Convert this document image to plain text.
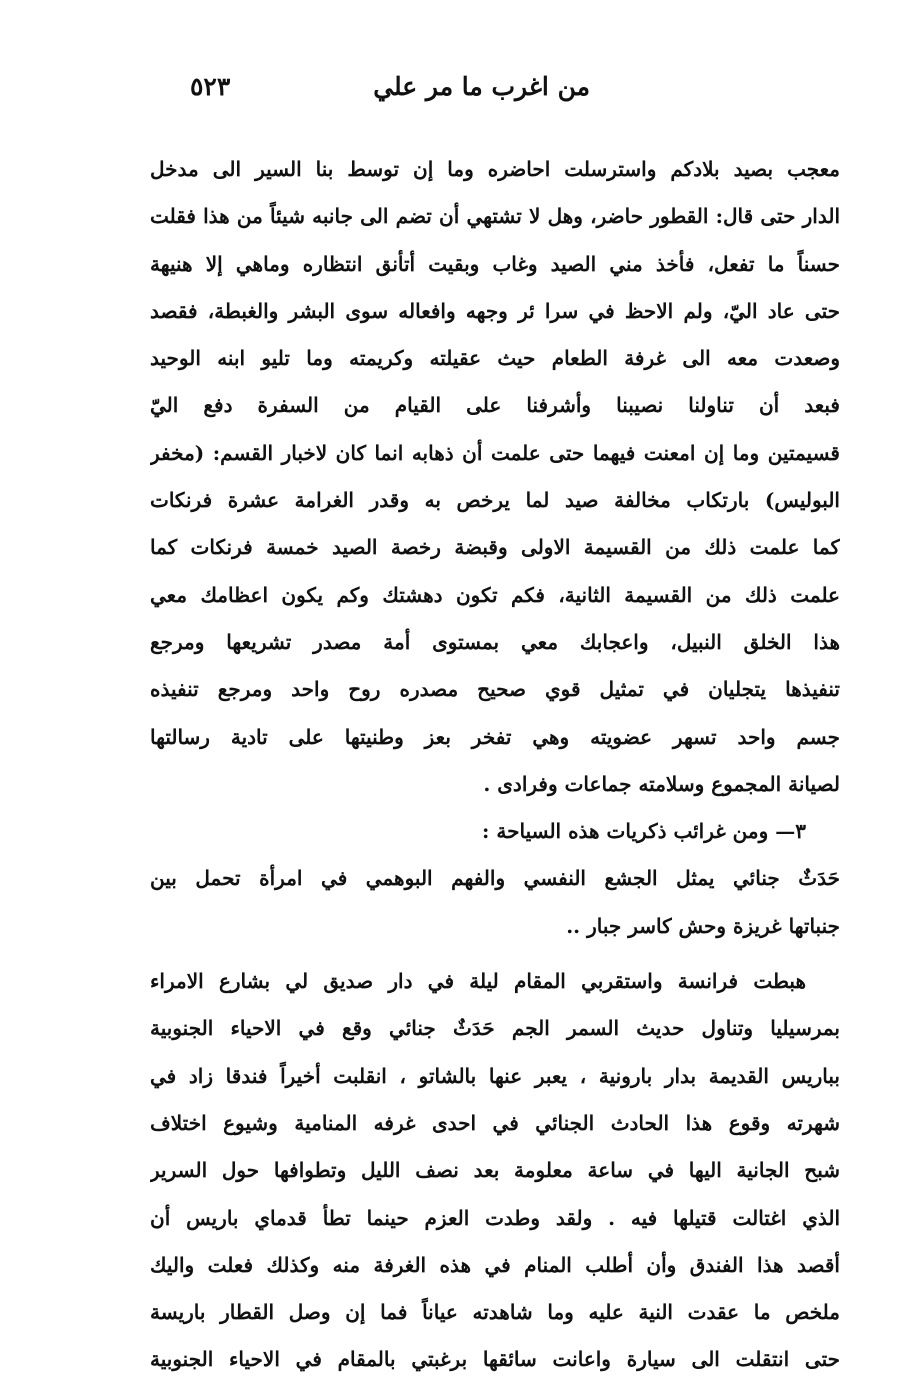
من اغرب ما مر علي
٥٢٣
معجب بصيد بلادكم واسترسلت احاضره وما إن توسط بنا السير الى مدخل
الدار حتى قال: القطور حاضر، وهل لا تشتهي أن تضم الى جانبه شيئاً من هذا فقلت
حسناً ما تفعل، فأخذ مني الصيد وغاب وبقيت أتأنق انتظاره وماهي إلا هنيهة
حتى عاد اليّ، ولم الاحظ في سرا ئر وجهه وافعاله سوى البشر والغبطة، فقصد
وصعدت معه الى غرفة الطعام حيث عقيلته وكريمته وما تليو ابنه الوحيد
فبعد أن تناولنا نصيبنا وأشرفنا على القيام من السفرة دفع اليّ
قسيمتين وما إن امعنت فيهما حتى علمت أن ذهابه انما كان لاخبار القسم: (مخفر
البوليس) بارتكاب مخالفة صيد لما يرخص به وقدر الغرامة عشرة فرنكات
كما علمت ذلك من القسيمة الاولى وقبضة رخصة الصيد خمسة فرنكات كما
علمت ذلك من القسيمة الثانية، فكم تكون دهشتك وكم يكون اعظامك معي
هذا الخلق النبيل، واعجابك معي بمستوى أمة مصدر تشريعها ومرجع
تنفيذها يتجليان في تمثيل قوي صحيح مصدره روح واحد ومرجع تنفيذه
جسم واحد تسهر عضويته وهي تفخر بعز وطنيتها على تادية رسالتها
لصيانة المجموع وسلامته جماعات وفرادى .
٣— ومن غرائب ذكريات هذه السياحة :
حَدَثٌ جنائي يمثل الجشع النفسي والفهم البوهمي في امرأة تحمل بين
جنباتها غريزة وحش كاسر جبار ..
هبطت فرانسة واستقربي المقام ليلة في دار صديق لي بشارع الامراء
بمرسيليا وتناول حديث السمر الجم حَدَثٌ جنائي وقع في الاحياء الجنوبية
بباريس القديمة بدار بارونية ، يعبر عنها بالشاتو ، انقلبت أخيراً فندقا زاد في
شهرته وقوع هذا الحادث الجنائي في احدى غرفه المنامية وشيوع اختلاف
شبح الجانية اليها في ساعة معلومة بعد نصف الليل وتطوافها حول السرير
الذي اغتالت قتيلها فيه . ولقد وطدت العزم حينما تطأ قدماي باريس أن
أقصد هذا الفندق وأن أطلب المنام في هذه الغرفة منه وكذلك فعلت واليك
ملخص ما عقدت النية عليه وما شاهدته عياناً فما إن وصل القطار باريسة
حتى انتقلت الى سيارة واعانت سائقها برغبتي بالمقام في الاحياء الجنوبية
